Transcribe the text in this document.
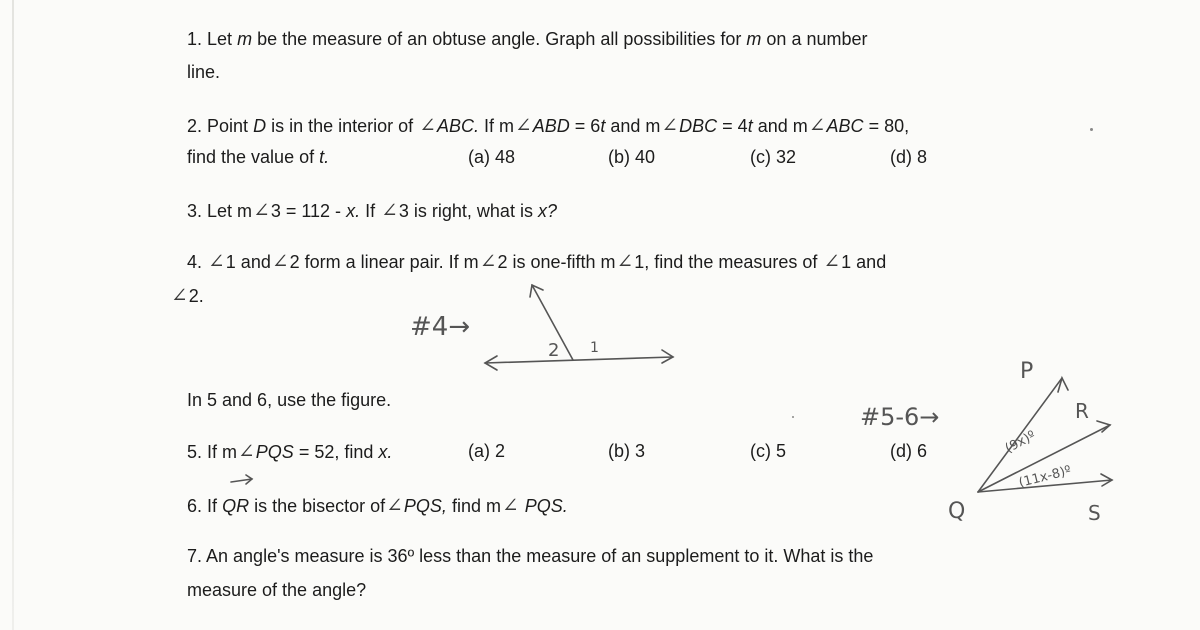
1. Let m be the measure of an obtuse angle. Graph all possibilities for m on a number
line.
2. Point D is in the interior of ∠ABC. If m∠ABD = 6t and m∠DBC = 4t and m∠ABC = 80,
find the value of t.	(a) 48	(b) 40	(c) 32	(d) 8
3. Let m∠3 = 112 - x. If ∠3 is right, what is x?
4. ∠1 and∠2 form a linear pair. If m∠2 is one-fifth m∠1, find the measures of ∠1 and
∠2.
In 5 and 6, use the figure.
5. If m∠PQS = 52, find x.	(a) 2	(b) 3	(c) 5	(d) 6
6. If QR is the bisector of∠PQS, find m∠ PQS.
7. An angle's measure is 36º less than the measure of an supplement to it. What is the
measure of the angle?
#4→
2 1
#5-6→
P
R
Q	S
(9x)º
(11x-8)º
